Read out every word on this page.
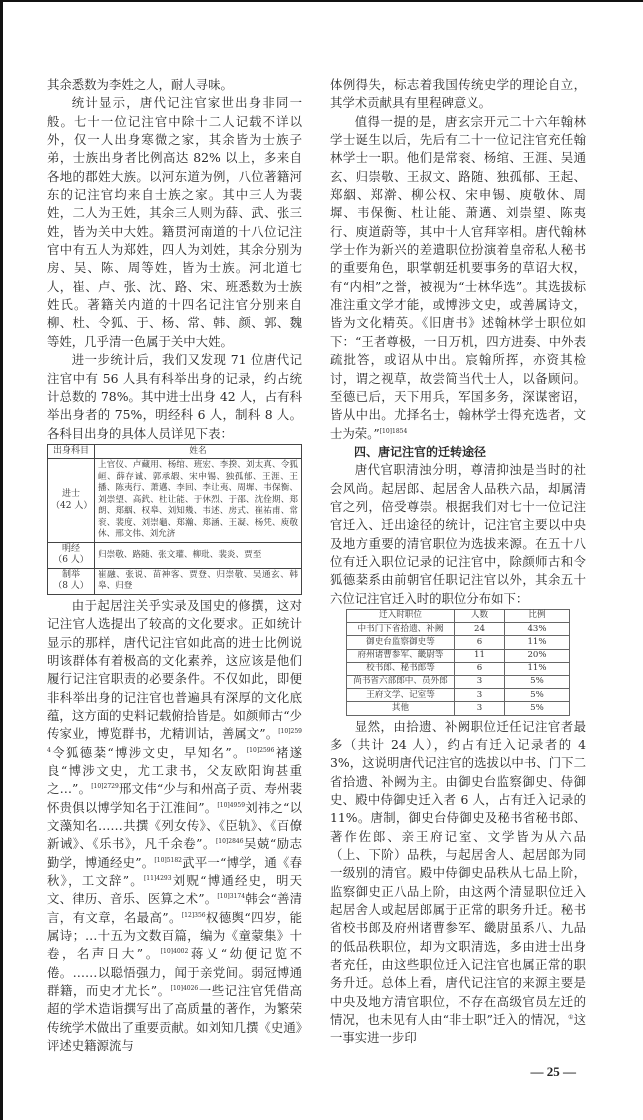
其余悉数为李姓之人，耐人寻味。

统计显示，唐代记注官家世出身非同一般。七十一位记注官中除十二人记载不详以外，仅一人出身寒微之家，其余皆为士族子弟，士族出身者比例高达 82% 以上，多来自各地的郡姓大族。以河东道为例，八位著籍河东的记注官均来自士族之家。其中三人为裴姓，二人为王姓，其余三人则为薛、武、张三姓，皆为关中大姓。籍贯河南道的十八位记注官中有五人为郑姓，四人为刘姓，其余分别为房、吴、陈、周等姓，皆为士族。河北道七人，崔、卢、张、沈、路、宋、班悉数为士族姓氏。著籍关内道的十四名记注官分别来自柳、杜、令狐、于、杨、常、韩、颜、郭、魏等姓，几乎清一色属于关中大姓。

进一步统计后，我们又发现 71 位唐代记注官中有 56 人具有科举出身的记录，约占统计总数的 78%。其中进士出身 42 人，占有科举出身者的 75%，明经科 6 人，制科 8 人。各科目出身的具体人员详见下表：

出身科目	姓名

进士
（42 人）	上官仪、卢藏用、杨绾、班宏、李揆、刘太真、令狐峘、薛存诚、郭承嘏、宋申锡、独孤郁、王涯、王播、陈夷行、萧邁、李回、李让夷、周墀、韦保衡、刘崇望、高釴、杜让能、于休烈、于邵、沈佺期、郑朗、郑絪、权皋、刘知幾、韦述、房式、崔祐甫、常衮、裴度、刘崇龜、郑瀚、郑涵、王凝、杨凭、庾敬休、邢文伟、刘允济

明经
（6 人）	归崇敬、路随、张文瓘、柳玭、裴炎、贾至

制举
（8 人）	崔融、张说、苗神客、贾登、归崇敬、吴通玄、韩皋、归登

由于起居注关乎实录及国史的修撰，这对记注官人选提出了较高的文化要求。正如统计显示的那样，唐代记注官如此高的进士比例说明该群体有着极高的文化素养，这应该是他们履行记注官职责的必要条件。不仅如此，即便非科举出身的记注官也普遍具有深厚的文化底蕴，这方面的史料记载俯拾皆是。如颜师古“少传家业，博览群书，尤精训诂，善属文”。$^{[10]2594}$令狐德棻“博涉文史，早知名”。$^{[10]2596}$褚遂良“博涉文史，尤工隶书，父友欧阳询甚重之…”。$^{[10]2729}$邢文伟“少与和州高子贡、寿州裴怀贵俱以博学知名于江淮间”。$^{[10]4959}$刘祎之“以文藻知名……共撰《列女传》、《臣轨》、《百僚新诫》、《乐书》，凡千余卷”。$^{[10]2846}$吴兢“励志勤学，博通经史”。$^{[10]5182}$武平一“博学，通《春秋》，工文辞”。$^{[11]4293}$刘贶“博通经史，明天文、律历、音乐、医算之术”。$^{[10]3174}$韩会“善清言，有文章，名最高”。$^{[12]356}$权德舆“四岁，能属诗；…十五为文数百篇，编为《童蒙集》十卷，名声日大”。$^{[10]4002}$蒋乂“幼便记览不倦。……以聪悟强力，闻于亲党间。弱冠博通群籍，而史才尤长”。$^{[10]4026}$一些记注官凭借高超的学术造诣撰写出了高质量的著作，为繁荣传统学术做出了重要贡献。如刘知几撰《史通》评述史籍源流与

体例得失，标志着我国传统史学的理论自立，其学术贡献具有里程碑意义。

值得一提的是，唐玄宗开元二十六年翰林学士诞生以后，先后有二十一位记注官充任翰林学士一职。他们是常衮、杨绾、王涯、吴通玄、归崇敬、王叔文、路随、独孤郁、王起、郑絪、郑澣、柳公权、宋申锡、庾敬休、周墀、韦保衡、杜让能、萧邁、刘崇望、陈夷行、庾道蔚等，其中十人官拜宰相。唐代翰林学士作为新兴的差遣职位扮演着皇帝私人秘书的重要角色，职掌朝廷机要事务的草诏大权，有“内相”之誉，被视为“士林华选”。其选拔标准注重文学才能，或博涉文史，或善属诗文，皆为文化精英。《旧唐书》述翰林学士职位如下：“王者尊极，一日万机，四方进奏、中外表疏批答，或诏从中出。宸翰所挥，亦资其检讨，谓之视草，故尝简当代士人，以备顾问。至德已后，天下用兵，军国多务，深谋密诏，皆从中出。尤择名士，翰林学士得充选者，文士为荣。”$^{[10]1854}$

四、唐记注官的迁转途径

唐代官职清浊分明，尊清抑浊是当时的社会风尚。起居郎、起居舍人品秩六品，却属清官之列，倍受尊崇。根据我们对七十一位记注官迁入、迁出途径的统计，记注官主要以中央及地方重要的清官职位为选拔来源。在五十八位有迁入职位记录的记注官中，除颜师古和令狐德棻系由前朝官任职记注官以外，其余五十六位记注官迁入时的职位分布如下：

迁入时职位	人数	比例
中书门下省拾遗、补阙	24	43%
御史台监察御史等	6	11%
府州诸曹参军、畿尉等	11	20%
校书郎、秘书郎等	6	11%
尚书省六部郎中、员外郎	3	5%
王府文学、记室等	3	5%
其他	3	5%

显然，由拾遗、补阙职位迁任记注官者最多（共计 24 人），约占有迁入记录者的 43%，这说明唐代记注官的选拔以中书、门下二省拾遗、补阙为主。由御史台监察御史、侍御史、殿中侍御史迁入者 6 人，占有迁入记录的 11%。唐制，御史台侍御史及秘书省秘书郎、著作佐郎、亲王府记室、文学皆为从六品（上、下阶）品秩，与起居舍人、起居郎为同一级别的清官。殿中侍御史品秩从七品上阶，监察御史正八品上阶，由这两个清显职位迁入起居舍人或起居郎属于正常的职务升迁。秘书省校书郎及府州诸曹参军、畿尉虽系八、九品的低品秩职位，却为文职清选，多由进士出身者充任，由这些职位迁入记注官也属正常的职务升迁。总体上看，唐代记注官的来源主要是中央及地方清官职位，不存在高级官员左迁的情况，也未见有人由“非士职”迁入的情况，①这一事实进一步印

— 25 —
